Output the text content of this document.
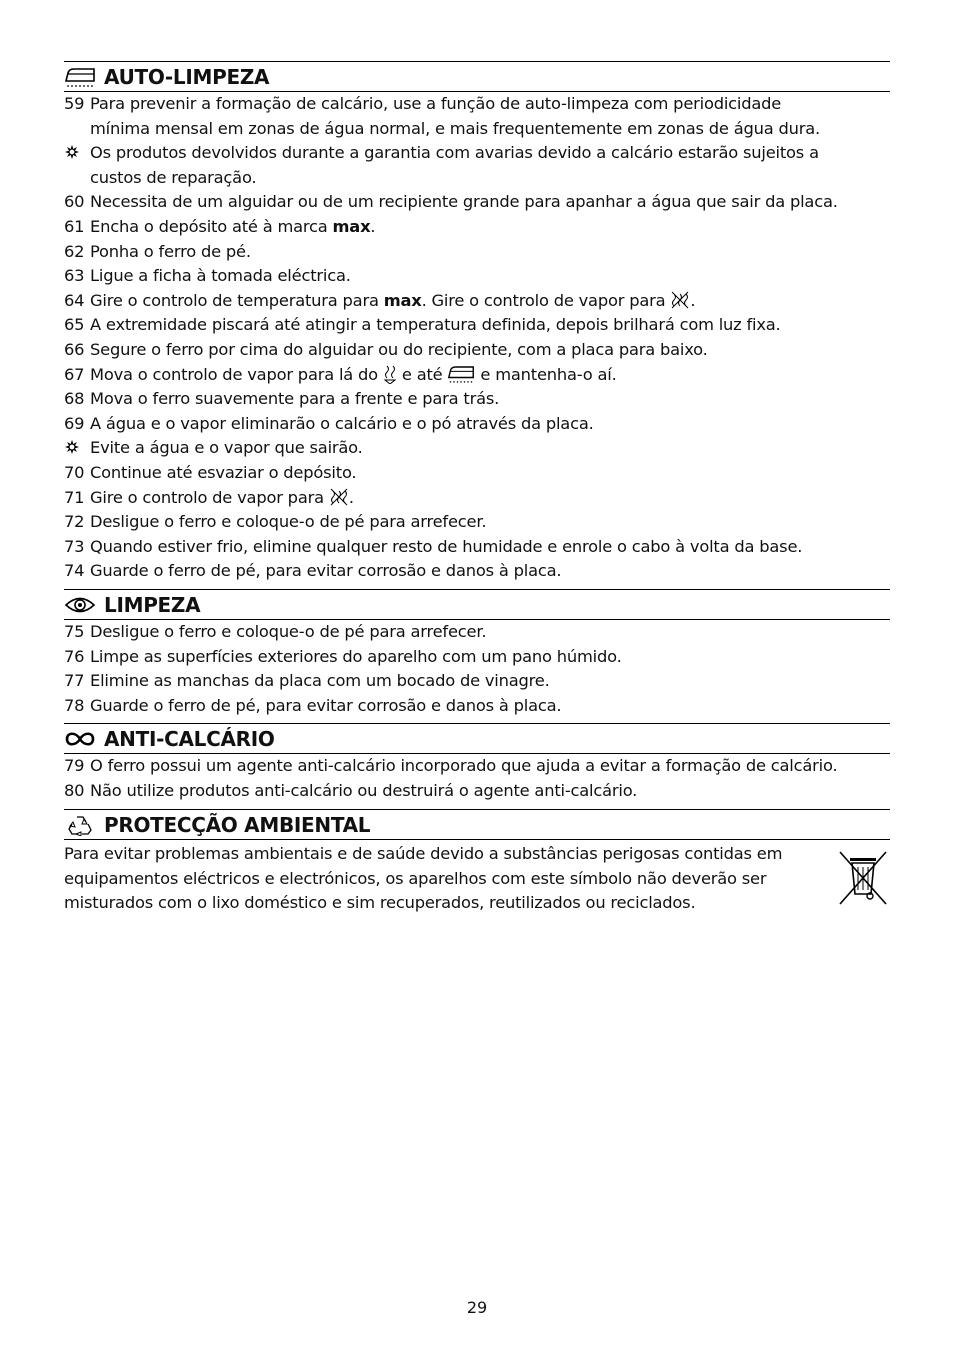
AUTO-LIMPEZA
59 Para prevenir a formação de calcário, use a função de auto-limpeza com periodicidade
mínima mensal em zonas de água normal, e mais frequentemente em zonas de água dura.
Os produtos devolvidos durante a garantia com avarias devido a calcário estarão sujeitos a
custos de reparação.
60 Necessita de um alguidar ou de um recipiente grande para apanhar a água que sair da placa.
61 Encha o depósito até à marca max.
62 Ponha o ferro de pé.
63 Ligue a ficha à tomada eléctrica.
64 Gire o controlo de temperatura para max. Gire o controlo de vapor para .
65 A extremidade piscará até atingir a temperatura definida, depois brilhará com luz fixa.
66 Segure o ferro por cima do alguidar ou do recipiente, com a placa para baixo.
67 Mova o controlo de vapor para lá do  e até  e mantenha-o aí.
68 Mova o ferro suavemente para a frente e para trás.
69 A água e o vapor eliminarão o calcário e o pó através da placa.
Evite a água e o vapor que sairão.
70 Continue até esvaziar o depósito.
71 Gire o controlo de vapor para .
72 Desligue o ferro e coloque-o de pé para arrefecer.
73 Quando estiver frio, elimine qualquer resto de humidade e enrole o cabo à volta da base.
74 Guarde o ferro de pé, para evitar corrosão e danos à placa.
LIMPEZA
75 Desligue o ferro e coloque-o de pé para arrefecer.
76 Limpe as superfícies exteriores do aparelho com um pano húmido.
77 Elimine as manchas da placa com um bocado de vinagre.
78 Guarde o ferro de pé, para evitar corrosão e danos à placa.
ANTI-CALCÁRIO
79 O ferro possui um agente anti-calcário incorporado que ajuda a evitar a formação de calcário.
80 Não utilize produtos anti-calcário ou destruirá o agente anti-calcário.
PROTECÇÃO AMBIENTAL
Para evitar problemas ambientais e de saúde devido a substâncias perigosas contidas em
equipamentos eléctricos e electrónicos, os aparelhos com este símbolo não deverão ser
misturados com o lixo doméstico e sim recuperados, reutilizados ou reciclados.
29
